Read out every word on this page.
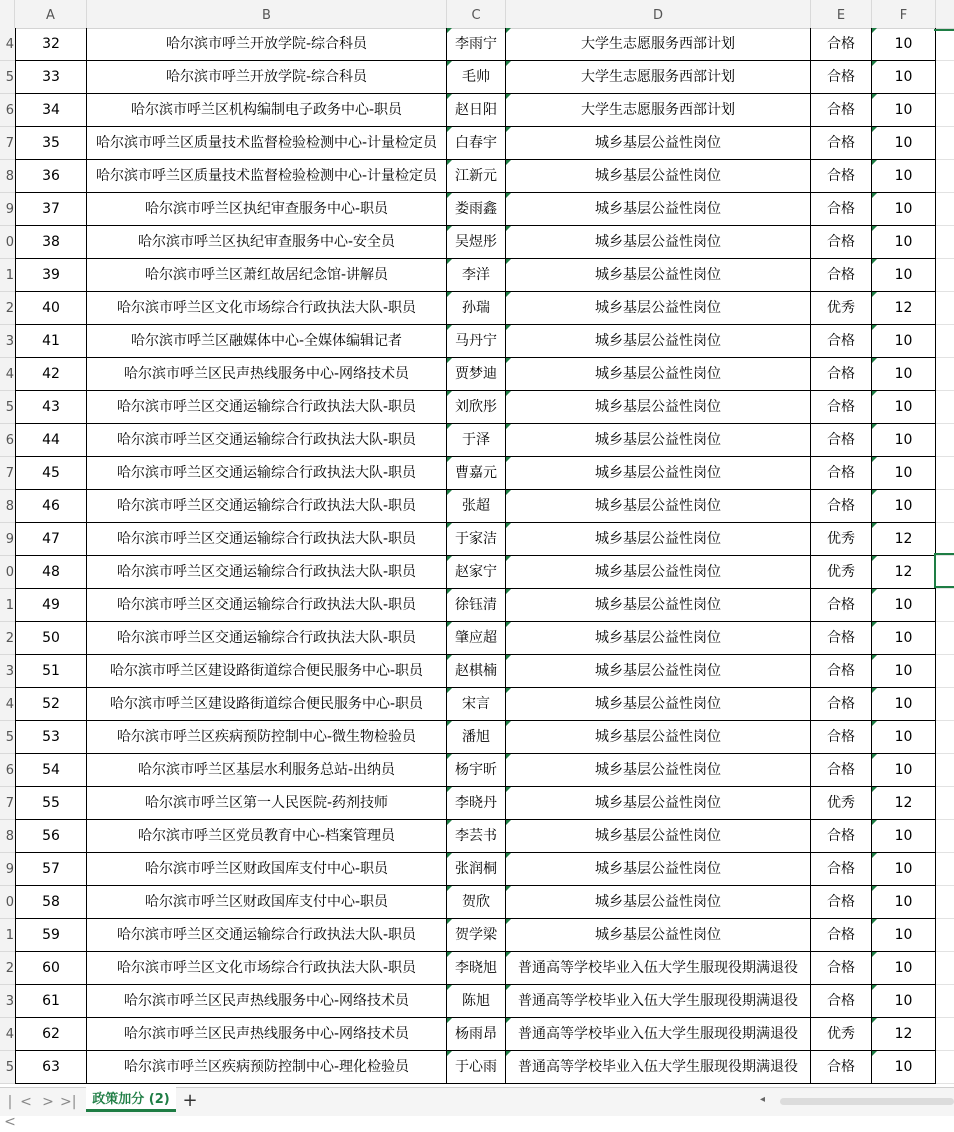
A	B	C	D	E	F
4	32	哈尔滨市呼兰开放学院-综合科员	李雨宁	大学生志愿服务西部计划	合格	10
5	33	哈尔滨市呼兰开放学院-综合科员	毛帅	大学生志愿服务西部计划	合格	10
6	34	哈尔滨市呼兰区机构编制电子政务中心-职员	赵日阳	大学生志愿服务西部计划	合格	10
7	35	哈尔滨市呼兰区质量技术监督检验检测中心-计量检定员	白春宇	城乡基层公益性岗位	合格	10
8	36	哈尔滨市呼兰区质量技术监督检验检测中心-计量检定员	江新元	城乡基层公益性岗位	合格	10
9	37	哈尔滨市呼兰区执纪审查服务中心-职员	娄雨鑫	城乡基层公益性岗位	合格	10
0	38	哈尔滨市呼兰区执纪审查服务中心-安全员	吴煜彤	城乡基层公益性岗位	合格	10
1	39	哈尔滨市呼兰区萧红故居纪念馆-讲解员	李洋	城乡基层公益性岗位	合格	10
2	40	哈尔滨市呼兰区文化市场综合行政执法大队-职员	孙瑞	城乡基层公益性岗位	优秀	12
3	41	哈尔滨市呼兰区融媒体中心-全媒体编辑记者	马丹宁	城乡基层公益性岗位	合格	10
4	42	哈尔滨市呼兰区民声热线服务中心-网络技术员	贾梦迪	城乡基层公益性岗位	合格	10
5	43	哈尔滨市呼兰区交通运输综合行政执法大队-职员	刘欣彤	城乡基层公益性岗位	合格	10
6	44	哈尔滨市呼兰区交通运输综合行政执法大队-职员	于泽	城乡基层公益性岗位	合格	10
7	45	哈尔滨市呼兰区交通运输综合行政执法大队-职员	曹嘉元	城乡基层公益性岗位	合格	10
8	46	哈尔滨市呼兰区交通运输综合行政执法大队-职员	张超	城乡基层公益性岗位	合格	10
9	47	哈尔滨市呼兰区交通运输综合行政执法大队-职员	于家洁	城乡基层公益性岗位	优秀	12
0	48	哈尔滨市呼兰区交通运输综合行政执法大队-职员	赵家宁	城乡基层公益性岗位	优秀	12
1	49	哈尔滨市呼兰区交通运输综合行政执法大队-职员	徐钰清	城乡基层公益性岗位	合格	10
2	50	哈尔滨市呼兰区交通运输综合行政执法大队-职员	肇应超	城乡基层公益性岗位	合格	10
3	51	哈尔滨市呼兰区建设路街道综合便民服务中心-职员	赵棋楠	城乡基层公益性岗位	合格	10
4	52	哈尔滨市呼兰区建设路街道综合便民服务中心-职员	宋言	城乡基层公益性岗位	合格	10
5	53	哈尔滨市呼兰区疾病预防控制中心-微生物检验员	潘旭	城乡基层公益性岗位	合格	10
6	54	哈尔滨市呼兰区基层水利服务总站-出纳员	杨宇昕	城乡基层公益性岗位	合格	10
7	55	哈尔滨市呼兰区第一人民医院-药剂技师	李晓丹	城乡基层公益性岗位	优秀	12
8	56	哈尔滨市呼兰区党员教育中心-档案管理员	李芸书	城乡基层公益性岗位	合格	10
9	57	哈尔滨市呼兰区财政国库支付中心-职员	张润桐	城乡基层公益性岗位	合格	10
0	58	哈尔滨市呼兰区财政国库支付中心-职员	贺欣	城乡基层公益性岗位	合格	10
1	59	哈尔滨市呼兰区交通运输综合行政执法大队-职员	贺学梁	城乡基层公益性岗位	合格	10
2	60	哈尔滨市呼兰区文化市场综合行政执法大队-职员	李晓旭	普通高等学校毕业入伍大学生服现役期满退役	合格	10
3	61	哈尔滨市呼兰区民声热线服务中心-网络技术员	陈旭	普通高等学校毕业入伍大学生服现役期满退役	合格	10
4	62	哈尔滨市呼兰区民声热线服务中心-网络技术员	杨雨昂	普通高等学校毕业入伍大学生服现役期满退役	优秀	12
5	63	哈尔滨市呼兰区疾病预防控制中心-理化检验员	于心雨	普通高等学校毕业入伍大学生服现役期满退役	合格	10
|<
< > >|	政策加分 (2) +	◂
